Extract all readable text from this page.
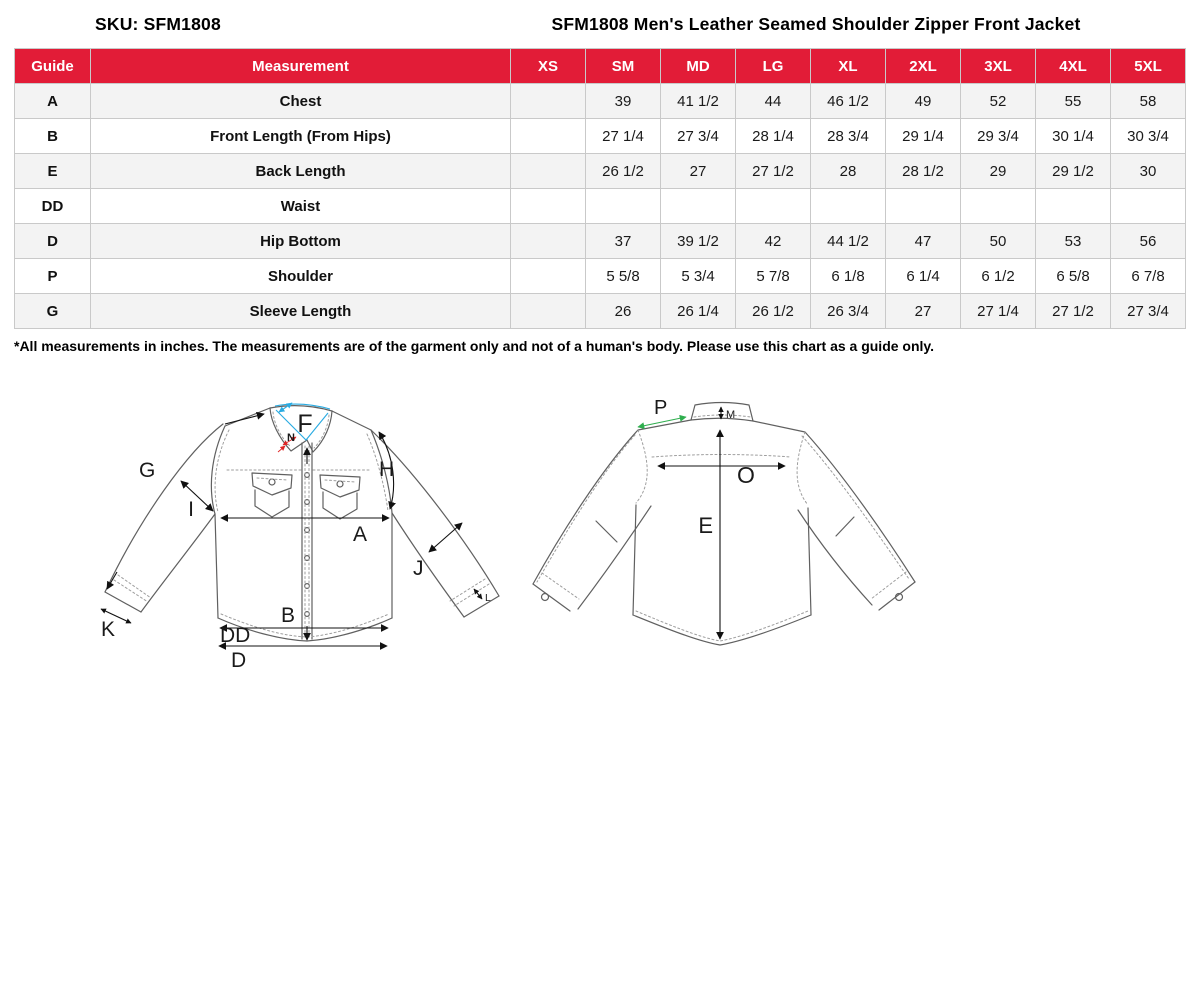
SKU: SFM1808	SFM1808 Men's Leather Seamed Shoulder Zipper Front Jacket
Guide	Measurement	XS	SM	MD	LG	XL	2XL	3XL	4XL	5XL
A	Chest		39	41 1/2	44	46 1/2	49	52	55	58
B	Front Length (From Hips)		27 1/4	27 3/4	28 1/4	28 3/4	29 1/4	29 3/4	30 1/4	30 3/4
E	Back Length		26 1/2	27	27 1/2	28	28 1/2	29	29 1/2	30
DD	Waist									
D	Hip Bottom		37	39 1/2	42	44 1/2	47	50	53	56
P	Shoulder		5 5/8	5 3/4	5 7/8	6 1/8	6 1/4	6 1/2	6 5/8	6 7/8
G	Sleeve Length		26	26 1/4	26 1/2	26 3/4	27	27 1/4	27 1/2	27 3/4
*All measurements in inches. The measurements are of the garment only and not of a human's body. Please use this chart as a guide only.
G
I
H
A
J
K
B
DD
D
F
N
L
P	M
O
E
